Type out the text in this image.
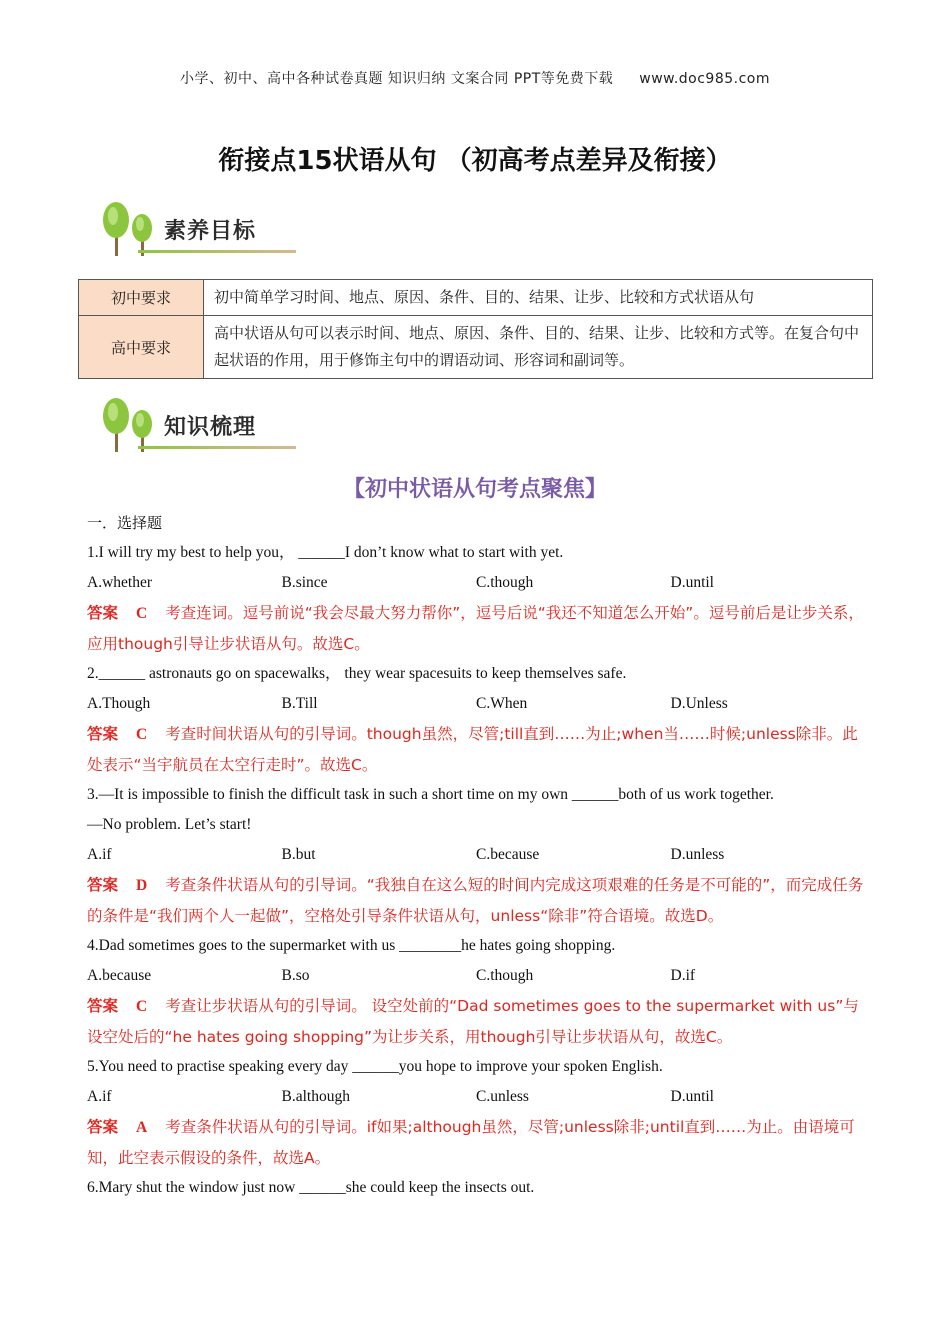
小学、初中、高中各种试卷真题 知识归纳 文案合同 PPT等免费下载 www.doc985.com
衔接点15状语从句 （初高考点差异及衔接）
素养目标
初中要求	初中简单学习时间、地点、原因、条件、目的、结果、让步、比较和方式状语从句
高中要求	高中状语从句可以表示时间、地点、原因、条件、目的、结果、让步、比较和方式等。在复合句中起状语的作用，用于修饰主句中的谓语动词、形容词和副词等。
知识梳理
【初中状语从句考点聚焦】
一．选择题
1.I will try my best to help you， ______I don’t know what to start with yet.
A.whether	B.since	C.though	D.until
答案 C 考查连词。逗号前说“我会尽最大努力帮你”，逗号后说“我还不知道怎么开始”。逗号前后是让步关系，应用though引导让步状语从句。故选C。
2.______ astronauts go on spacewalks， they wear spacesuits to keep themselves safe.
A.Though	B.Till	C.When	D.Unless
答案 C 考查时间状语从句的引导词。though虽然，尽管;till直到……为止;when当……时候;unless除非。此处表示“当宇航员在太空行走时”。故选C。
3.—It is impossible to finish the difficult task in such a short time on my own ______both of us work together.
—No problem. Let’s start!
A.if	B.but	C.because	D.unless
答案 D 考查条件状语从句的引导词。“我独自在这么短的时间内完成这项艰难的任务是不可能的”，而完成任务的条件是“我们两个人一起做”，空格处引导条件状语从句，unless“除非”符合语境。故选D。
4.Dad sometimes goes to the supermarket with us ________he hates going shopping.
A.because	B.so	C.though	D.if
答案 C 考查让步状语从句的引导词。 设空处前的“Dad sometimes goes to the supermarket with us”与设空处后的“he hates going shopping”为让步关系，用though引导让步状语从句，故选C。
5.You need to practise speaking every day ______you hope to improve your spoken English.
A.if	B.although	C.unless	D.until
答案 A 考查条件状语从句的引导词。if如果;although虽然，尽管;unless除非;until直到……为止。由语境可知，此空表示假设的条件，故选A。
6.Mary shut the window just now ______she could keep the insects out.
